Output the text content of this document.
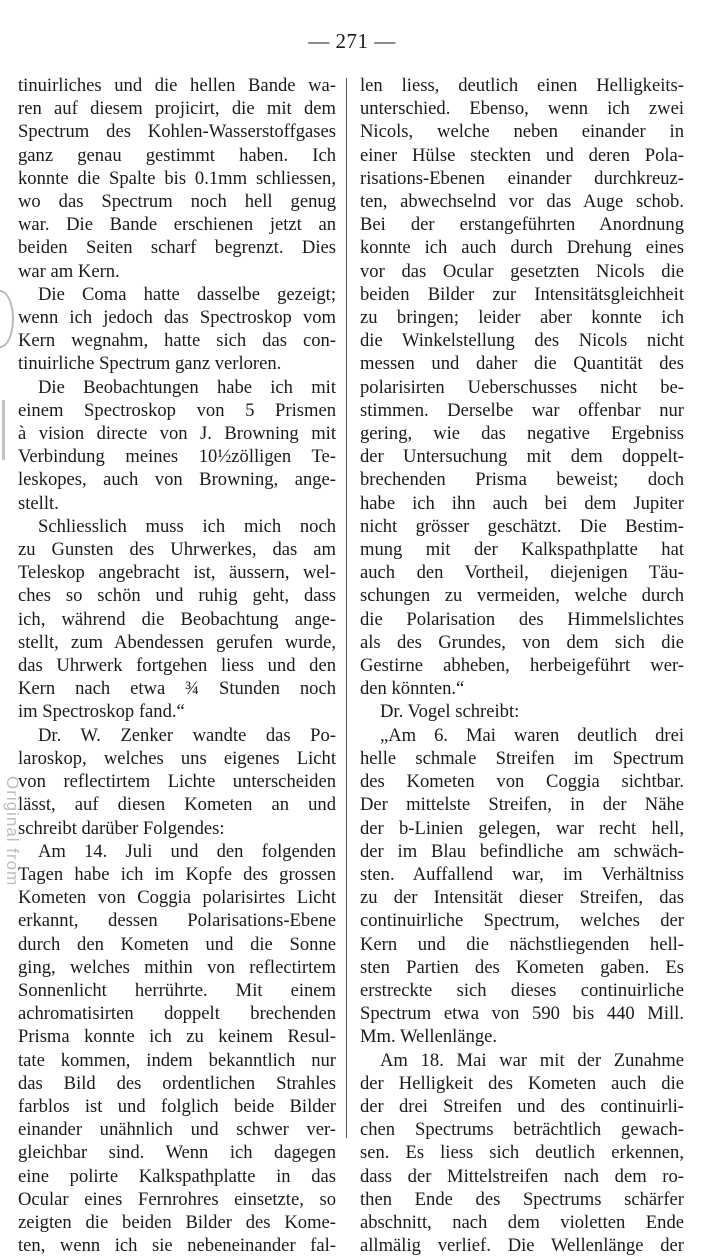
— 271 —
Original from
tinuirliches und die hellen Bande wa-
ren auf diesem projicirt, die mit dem
Spectrum des Kohlen-Wasserstoffgases
ganz genau gestimmt haben. Ich
konnte die Spalte bis 0.1mm schliessen,
wo das Spectrum noch hell genug
war. Die Bande erschienen jetzt an
beiden Seiten scharf begrenzt. Dies
war am Kern.
Die Coma hatte dasselbe gezeigt;
wenn ich jedoch das Spectroskop vom
Kern wegnahm, hatte sich das con-
tinuirliche Spectrum ganz verloren.
Die Beobachtungen habe ich mit
einem Spectroskop von 5 Prismen
à vision directe von J. Browning mit
Verbindung meines 10½zölligen Te-
leskopes, auch von Browning, ange-
stellt.
Schliesslich muss ich mich noch
zu Gunsten des Uhrwerkes, das am
Teleskop angebracht ist, äussern, wel-
ches so schön und ruhig geht, dass
ich, während die Beobachtung ange-
stellt, zum Abendessen gerufen wurde,
das Uhrwerk fortgehen liess und den
Kern nach etwa ¾ Stunden noch
im Spectroskop fand.“
Dr. W. Zenker wandte das Po-
laroskop, welches uns eigenes Licht
von reflectirtem Lichte unterscheiden
lässt, auf diesen Kometen an und
schreibt darüber Folgendes:
Am 14. Juli und den folgenden
Tagen habe ich im Kopfe des grossen
Kometen von Coggia polarisirtes Licht
erkannt, dessen Polarisations-Ebene
durch den Kometen und die Sonne
ging, welches mithin von reflectirtem
Sonnenlicht herrührte. Mit einem
achromatisirten doppelt brechenden
Prisma konnte ich zu keinem Resul-
tate kommen, indem bekanntlich nur
das Bild des ordentlichen Strahles
farblos ist und folglich beide Bilder
einander unähnlich und schwer ver-
gleichbar sind. Wenn ich dagegen
eine polirte Kalkspathplatte in das
Ocular eines Fernrohres einsetzte, so
zeigten die beiden Bilder des Kome-
ten, wenn ich sie nebeneinander fal-
len liess, deutlich einen Helligkeits-
unterschied. Ebenso, wenn ich zwei
Nicols, welche neben einander in
einer Hülse steckten und deren Pola-
risations-Ebenen einander durchkreuz-
ten, abwechselnd vor das Auge schob.
Bei der erstangeführten Anordnung
konnte ich auch durch Drehung eines
vor das Ocular gesetzten Nicols die
beiden Bilder zur Intensitätsgleichheit
zu bringen; leider aber konnte ich
die Winkelstellung des Nicols nicht
messen und daher die Quantität des
polarisirten Ueberschusses nicht be-
stimmen. Derselbe war offenbar nur
gering, wie das negative Ergebniss
der Untersuchung mit dem doppelt-
brechenden Prisma beweist; doch
habe ich ihn auch bei dem Jupiter
nicht grösser geschätzt. Die Bestim-
mung mit der Kalkspathplatte hat
auch den Vortheil, diejenigen Täu-
schungen zu vermeiden, welche durch
die Polarisation des Himmelslichtes
als des Grundes, von dem sich die
Gestirne abheben, herbeigeführt wer-
den könnten.“
Dr. Vogel schreibt:
„Am 6. Mai waren deutlich drei
helle schmale Streifen im Spectrum
des Kometen von Coggia sichtbar.
Der mittelste Streifen, in der Nähe
der b-Linien gelegen, war recht hell,
der im Blau befindliche am schwäch-
sten. Auffallend war, im Verhältniss
zu der Intensität dieser Streifen, das
continuirliche Spectrum, welches der
Kern und die nächstliegenden hell-
sten Partien des Kometen gaben. Es
erstreckte sich dieses continuirliche
Spectrum etwa von 590 bis 440 Mill.
Mm. Wellenlänge.
Am 18. Mai war mit der Zunahme
der Helligkeit des Kometen auch die
der drei Streifen und des continuirli-
chen Spectrums beträchtlich gewach-
sen. Es liess sich deutlich erkennen,
dass der Mittelstreifen nach dem ro-
then Ende des Spectrums schärfer
abschnitt, nach dem violetten Ende
allmälig verlief. Die Wellenlänge der
